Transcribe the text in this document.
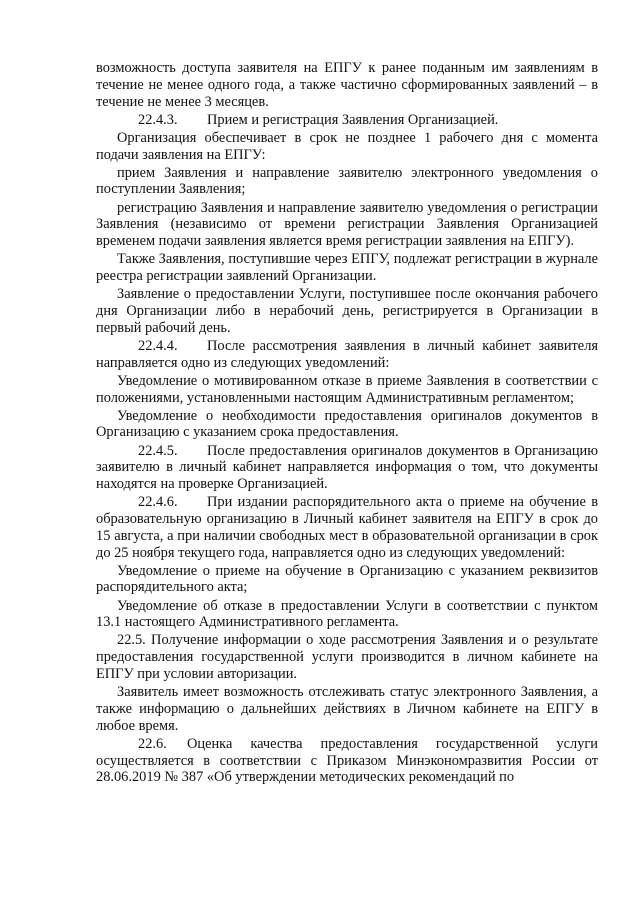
возможность доступа заявителя на ЕПГУ к ранее поданным им заявлениям в течение не менее одного года, а также частично сформированных заявлений – в течение не менее 3 месяцев.

22.4.3. Прием и регистрация Заявления Организацией.

Организация обеспечивает в срок не позднее 1 рабочего дня с момента подачи заявления на ЕПГУ:

прием Заявления и направление заявителю электронного уведомления о поступлении Заявления;

регистрацию Заявления и направление заявителю уведомления о регистрации Заявления (независимо от времени регистрации Заявления Организацией временем подачи заявления является время регистрации заявления на ЕПГУ).

Также Заявления, поступившие через ЕПГУ, подлежат регистрации в журнале реестра регистрации заявлений Организации.

Заявление о предоставлении Услуги, поступившее после окончания рабочего дня Организации либо в нерабочий день, регистрируется в Организации в первый рабочий день.

22.4.4. После рассмотрения заявления в личный кабинет заявителя направляется одно из следующих уведомлений:

Уведомление о мотивированном отказе в приеме Заявления в соответствии с положениями, установленными настоящим Административным регламентом;

Уведомление о необходимости предоставления оригиналов документов в Организацию с указанием срока предоставления.

22.4.5. После предоставления оригиналов документов в Организацию заявителю в личный кабинет направляется информация о том, что документы находятся на проверке Организацией.

22.4.6. При издании распорядительного акта о приеме на обучение в образовательную организацию в Личный кабинет заявителя на ЕПГУ в срок до 15 августа, а при наличии свободных мест в образовательной организации в срок до 25 ноября текущего года, направляется одно из следующих уведомлений:

Уведомление о приеме на обучение в Организацию с указанием реквизитов распорядительного акта;

Уведомление об отказе в предоставлении Услуги в соответствии с пунктом 13.1 настоящего Административного регламента.

22.5. Получение информации о ходе рассмотрения Заявления и о результате предоставления государственной услуги производится в личном кабинете на ЕПГУ при условии авторизации.

Заявитель имеет возможность отслеживать статус электронного Заявления, а также информацию о дальнейших действиях в Личном кабинете на ЕПГУ в любое время.

22.6. Оценка качества предоставления государственной услуги осуществляется в соответствии с Приказом Минэкономразвития России от 28.06.2019 № 387 «Об утверждении методических рекомендаций по
